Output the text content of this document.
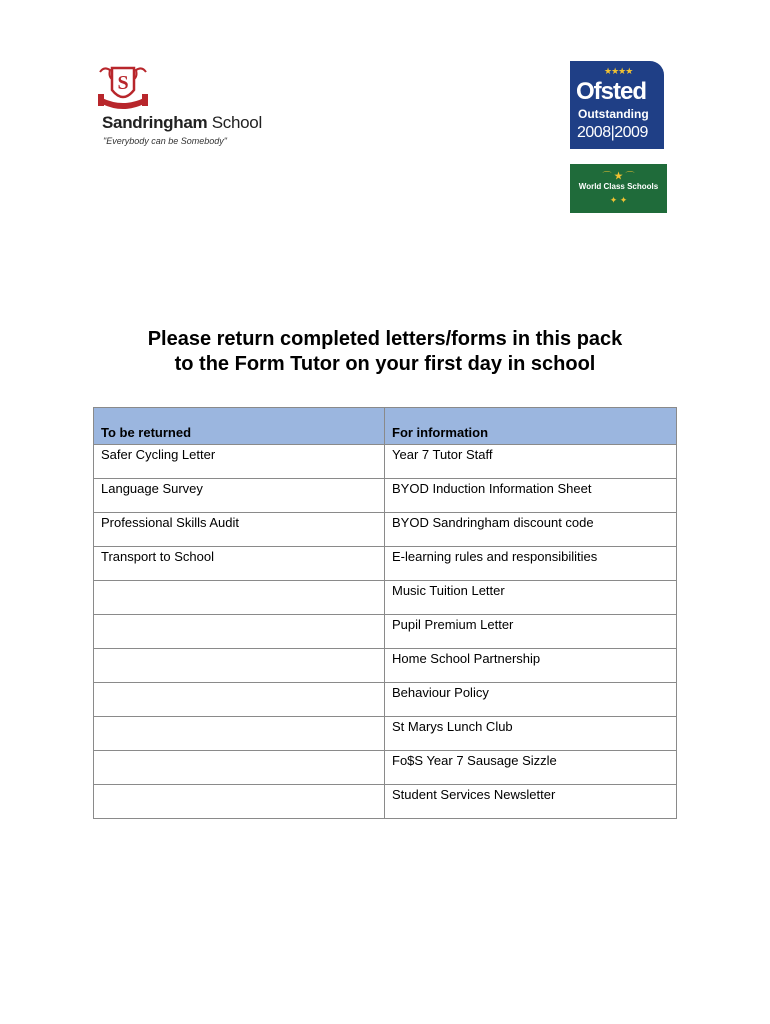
S
Sandringham School
"Everybody can be Somebody"
★★★★
Ofsted
Outstanding
2008|2009
⌒ ★ ⌒
World Class Schools
✦ ✦
Please return completed letters/forms in this pack
to the Form Tutor on your first day in school
To be returned	For information
Safer Cycling Letter	Year 7 Tutor Staff
Language Survey	BYOD Induction Information Sheet
Professional Skills Audit	BYOD Sandringham discount code
Transport to School	E-learning rules and responsibilities
	Music Tuition Letter
	Pupil Premium Letter
	Home School Partnership
	Behaviour Policy
	St Marys Lunch Club
	Fo$S Year 7 Sausage Sizzle
	Student Services Newsletter
